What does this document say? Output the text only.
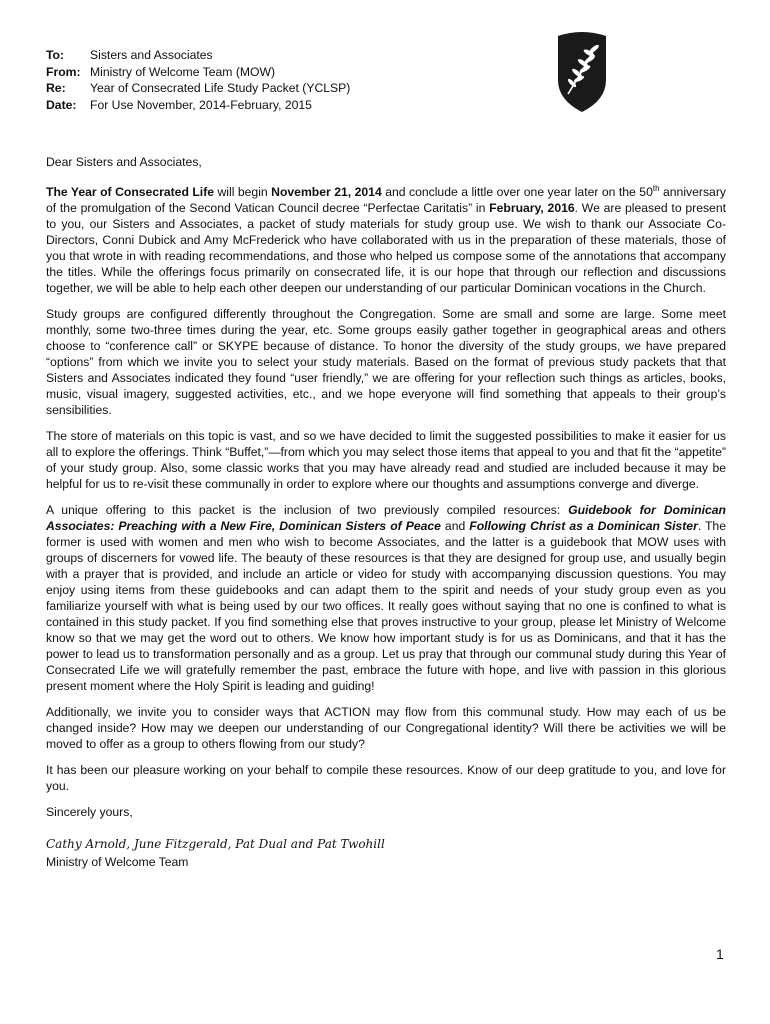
To:	Sisters and Associates
From: Ministry of Welcome Team (MOW)
Re:	Year of Consecrated Life Study Packet (YCLSP)
Date:	For Use November, 2014-February, 2015

Dear Sisters and Associates,

The Year of Consecrated Life will begin November 21, 2014 and conclude a little over one year later on the 50th anniversary of the promulgation of the Second Vatican Council decree “Perfectae Caritatis” in February, 2016. We are pleased to present to you, our Sisters and Associates, a packet of study materials for study group use. We wish to thank our Associate Co-Directors, Conni Dubick and Amy McFrederick who have collaborated with us in the preparation of these materials, those of you that wrote in with reading recommendations, and those who helped us compose some of the annotations that accompany the titles. While the offerings focus primarily on consecrated life, it is our hope that through our reflection and discussions together, we will be able to help each other deepen our understanding of our particular Dominican vocations in the Church.

Study groups are configured differently throughout the Congregation. Some are small and some are large. Some meet monthly, some two-three times during the year, etc. Some groups easily gather together in geographical areas and others choose to “conference call” or SKYPE because of distance. To honor the diversity of the study groups, we have prepared “options” from which we invite you to select your study materials. Based on the format of previous study packets that that Sisters and Associates indicated they found “user friendly,” we are offering for your reflection such things as articles, books, music, visual imagery, suggested activities, etc., and we hope everyone will find something that appeals to their group’s sensibilities.

The store of materials on this topic is vast, and so we have decided to limit the suggested possibilities to make it easier for us all to explore the offerings. Think “Buffet,”—from which you may select those items that appeal to you and that fit the “appetite” of your study group. Also, some classic works that you may have already read and studied are included because it may be helpful for us to re-visit these communally in order to explore where our thoughts and assumptions converge and diverge.

A unique offering to this packet is the inclusion of two previously compiled resources: Guidebook for Dominican Associates: Preaching with a New Fire, Dominican Sisters of Peace and Following Christ as a Dominican Sister. The former is used with women and men who wish to become Associates, and the latter is a guidebook that MOW uses with groups of discerners for vowed life. The beauty of these resources is that they are designed for group use, and usually begin with a prayer that is provided, and include an article or video for study with accompanying discussion questions. You may enjoy using items from these guidebooks and can adapt them to the spirit and needs of your study group even as you familiarize yourself with what is being used by our two offices. It really goes without saying that no one is confined to what is contained in this study packet. If you find something else that proves instructive to your group, please let Ministry of Welcome know so that we may get the word out to others. We know how important study is for us as Dominicans, and that it has the power to lead us to transformation personally and as a group. Let us pray that through our communal study during this Year of Consecrated Life we will gratefully remember the past, embrace the future with hope, and live with passion in this glorious present moment where the Holy Spirit is leading and guiding!

Additionally, we invite you to consider ways that ACTION may flow from this communal study. How may each of us be changed inside? How may we deepen our understanding of our Congregational identity? Will there be activities we will be moved to offer as a group to others flowing from our study?

It has been our pleasure working on your behalf to compile these resources. Know of our deep gratitude to you, and love for you.

Sincerely yours,

Cathy Arnold, June Fitzgerald, Pat Dual and Pat Twohill

Ministry of Welcome Team

1
